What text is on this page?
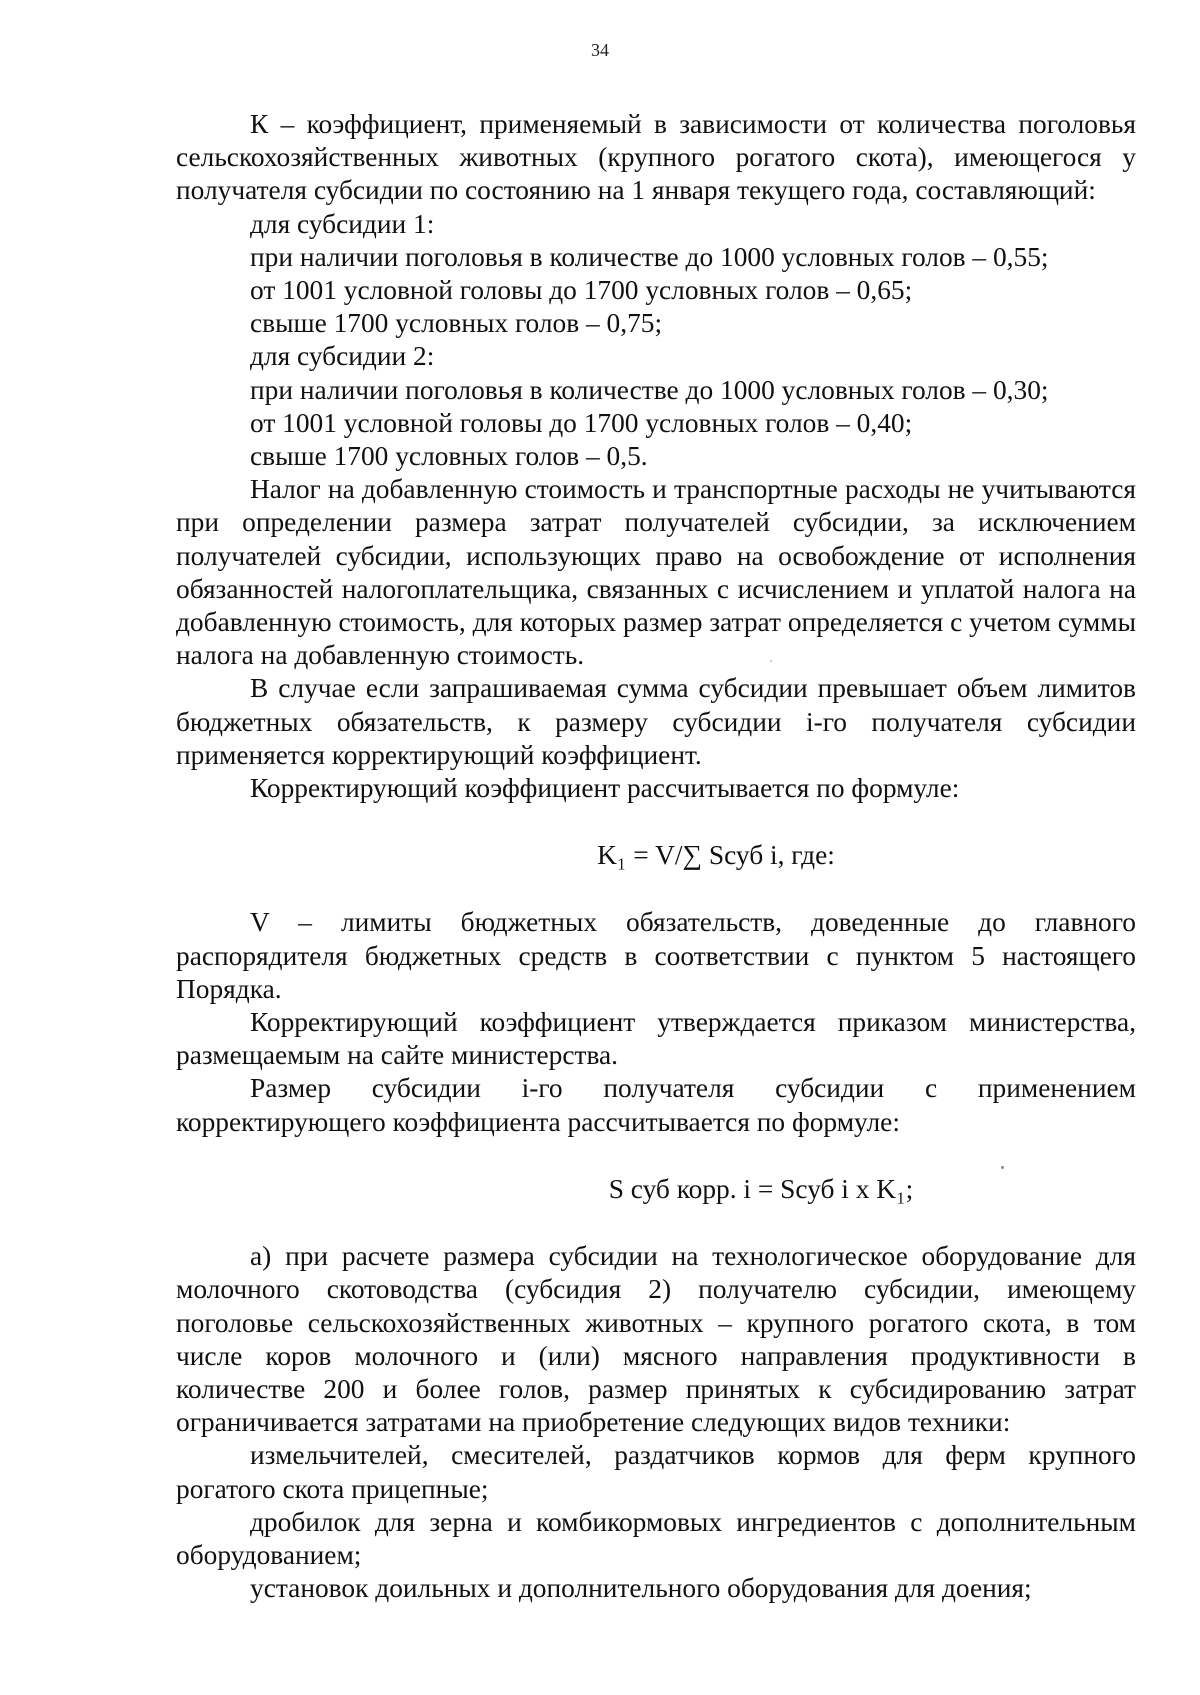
34

К – коэффициент, применяемый в зависимости от количества поголовья сельскохозяйственных животных (крупного рогатого скота), имеющегося у получателя субсидии по состоянию на 1 января текущего года, составляющий:

для субсидии 1:

при наличии поголовья в количестве до 1000 условных голов – 0,55;

от 1001 условной головы до 1700 условных голов – 0,65;

свыше 1700 условных голов – 0,75;

для субсидии 2:

при наличии поголовья в количестве до 1000 условных голов – 0,30;

от 1001 условной головы до 1700 условных голов – 0,40;

свыше 1700 условных голов – 0,5.

Налог на добавленную стоимость и транспортные расходы не учитываются при определении размера затрат получателей субсидии, за исключением получателей субсидии, использующих право на освобождение от исполнения обязанностей налогоплательщика, связанных с исчислением и уплатой налога на добавленную стоимость, для которых размер затрат определяется с учетом суммы налога на добавленную стоимость.

В случае если запрашиваемая сумма субсидии превышает объем лимитов бюджетных обязательств, к размеру субсидии i-го получателя субсидии применяется корректирующий коэффициент.

Корректирующий коэффициент рассчитывается по формуле:

K₁ = V/∑ Sсуб i, где:

V – лимиты бюджетных обязательств, доведенные до главного распорядителя бюджетных средств в соответствии с пунктом 5 настоящего Порядка.

Корректирующий коэффициент утверждается приказом министерства, размещаемым на сайте министерства.

Размер субсидии i-го получателя субсидии с применением корректирующего коэффициента рассчитывается по формуле:

S суб корр. i = Sсуб i x K₁;

а) при расчете размера субсидии на технологическое оборудование для молочного скотоводства (субсидия 2) получателю субсидии, имеющему поголовье сельскохозяйственных животных – крупного рогатого скота, в том числе коров молочного и (или) мясного направления продуктивности в количестве 200 и более голов, размер принятых к субсидированию затрат ограничивается затратами на приобретение следующих видов техники:

измельчителей, смесителей, раздатчиков кормов для ферм крупного рогатого скота прицепные;

дробилок для зерна и комбикормовых ингредиентов с дополнительным оборудованием;

установок доильных и дополнительного оборудования для доения;
